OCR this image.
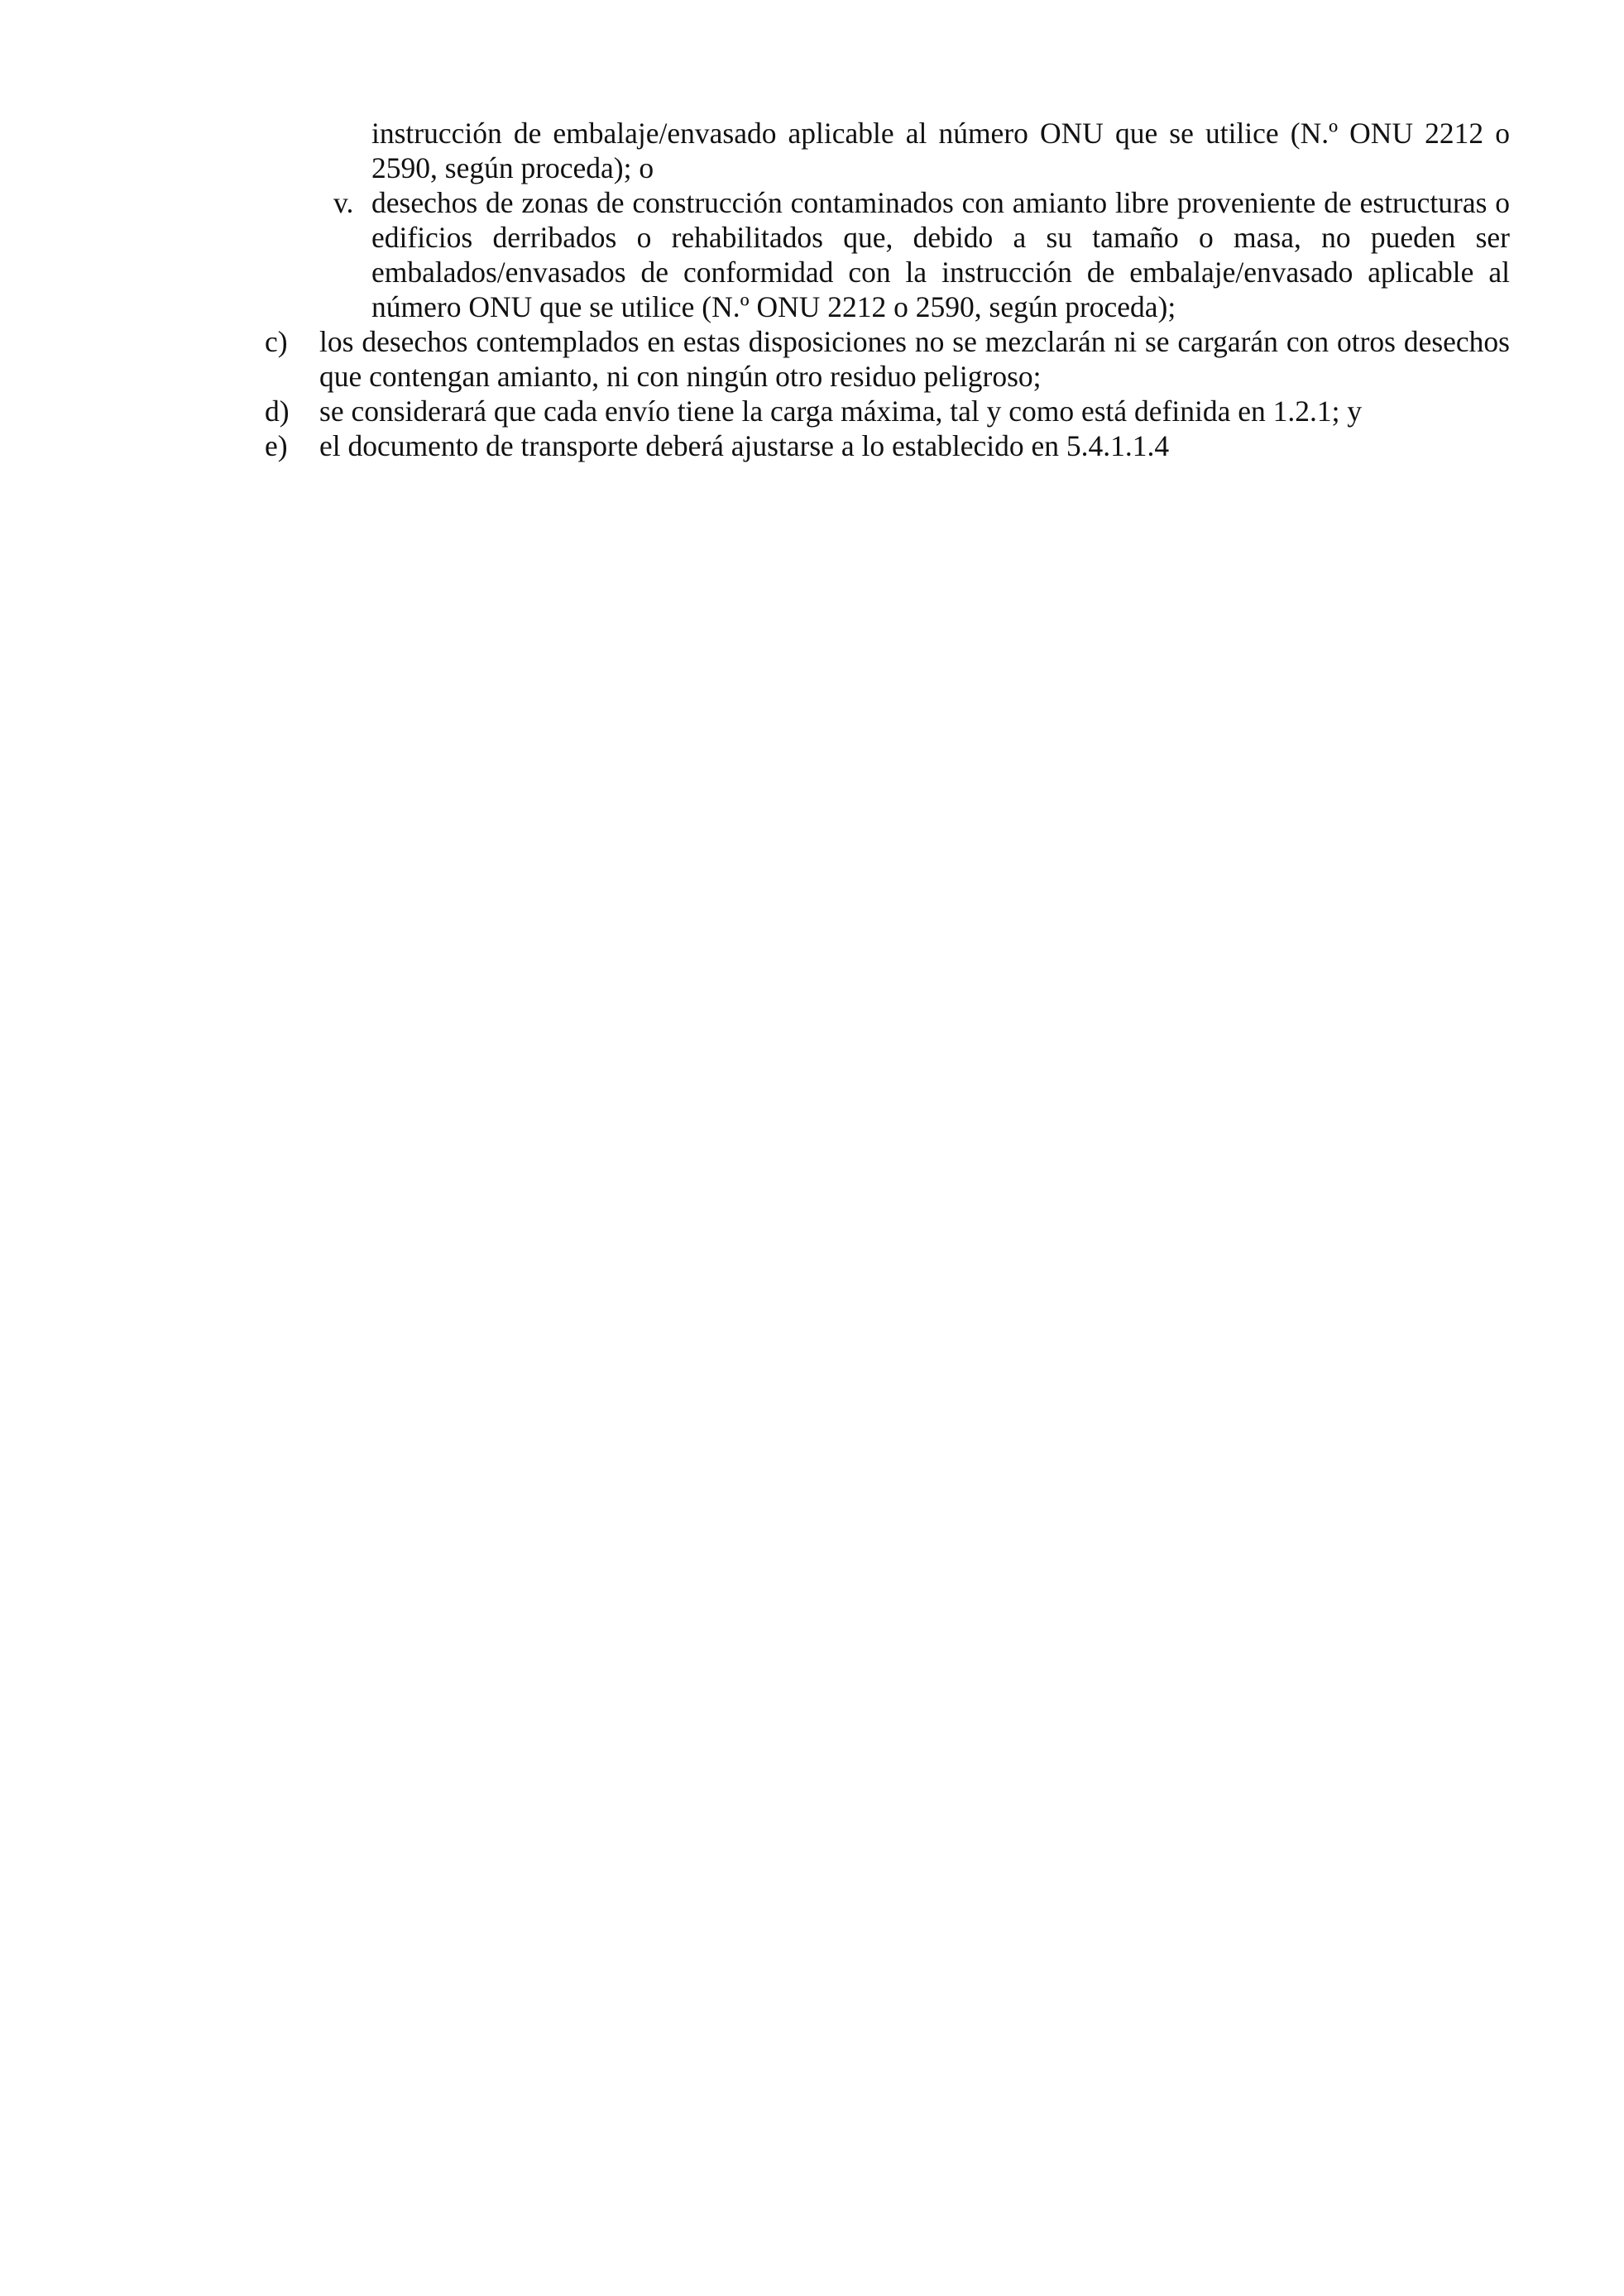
instrucción de embalaje/envasado aplicable al número ONU que se utilice (N.º ONU 2212 o 2590, según proceda); o
v. desechos de zonas de construcción contaminados con amianto libre proveniente de estructuras o edificios derribados o rehabilitados que, debido a su tamaño o masa, no pueden ser embalados/envasados de conformidad con la instrucción de embalaje/envasado aplicable al número ONU que se utilice (N.º ONU 2212 o 2590, según proceda);
c) los desechos contemplados en estas disposiciones no se mezclarán ni se cargarán con otros desechos que contengan amianto, ni con ningún otro residuo peligroso;
d) se considerará que cada envío tiene la carga máxima, tal y como está definida en 1.2.1; y
e) el documento de transporte deberá ajustarse a lo establecido en 5.4.1.1.4
